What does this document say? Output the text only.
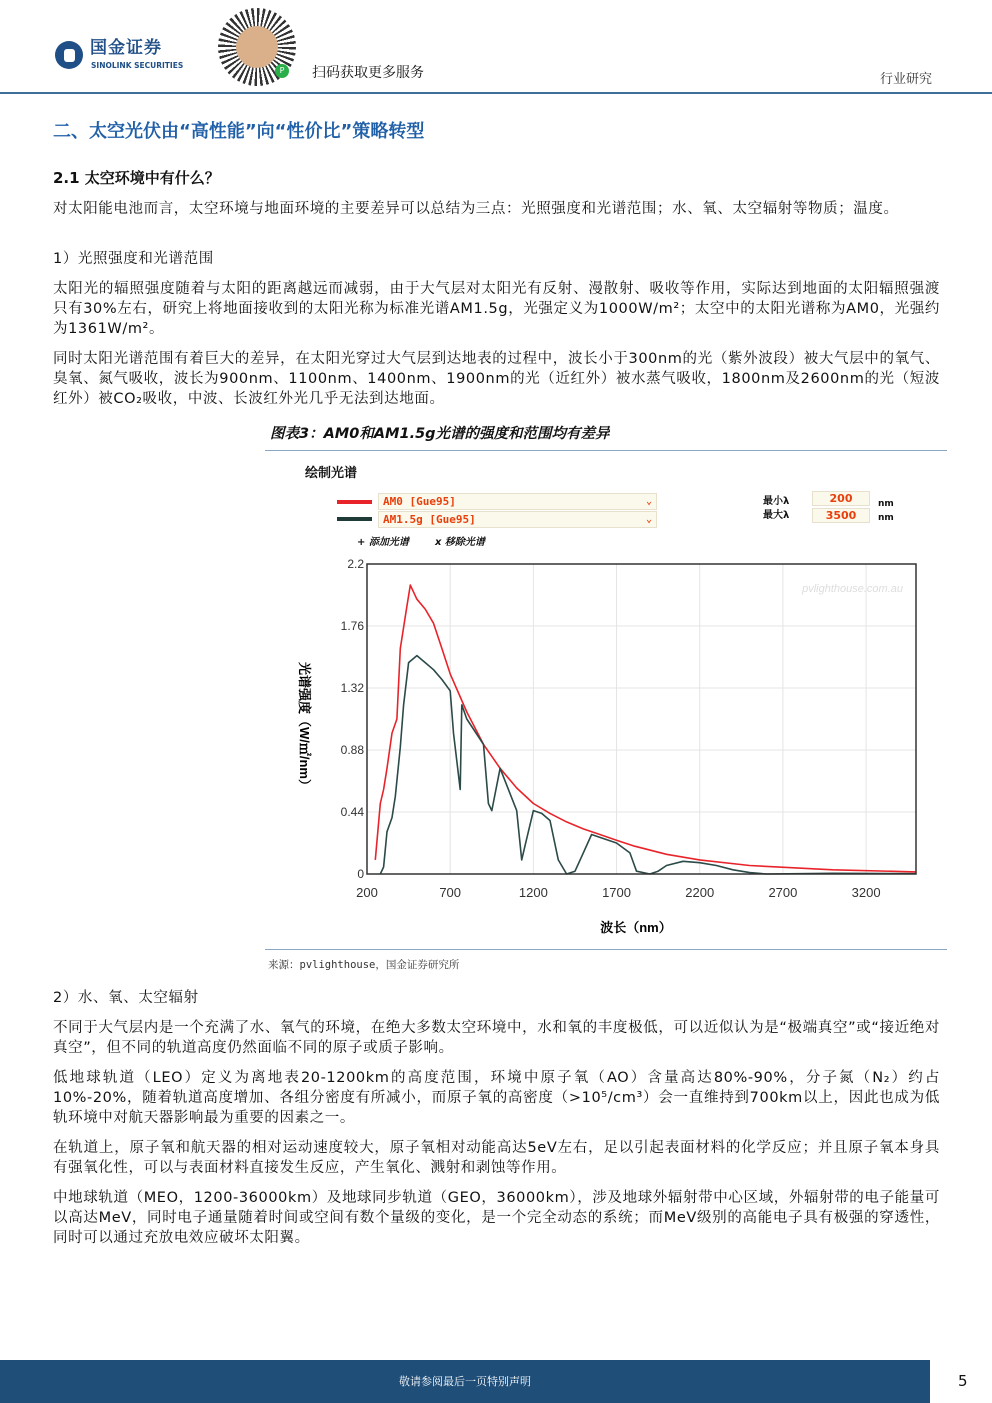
国金证券
SINOLINK SECURITIES
P	扫码获取更多服务	行业研究
二、太空光伏由“高性能”向“性价比”策略转型
2.1 太空环境中有什么？
对太阳能电池而言，太空环境与地面环境的主要差异可以总结为三点：光照强度和光谱范围；水、氧、太空辐射等物质；温度。
1）光照强度和光谱范围
太阳光的辐照强度随着与太阳的距离越远而减弱，由于大气层对太阳光有反射、漫散射、吸收等作用，实际达到地面的太阳辐照强渡只有30%左右，研究上将地面接收到的太阳光称为标准光谱AM1.5g，光强定义为1000W/m²；太空中的太阳光谱称为AM0，光强约为1361W/m²。
同时太阳光谱范围有着巨大的差异，在太阳光穿过大气层到达地表的过程中，波长小于300nm的光（紫外波段）被大气层中的氧气、臭氧、氮气吸收，波长为900nm、1100nm、1400nm、1900nm的光（近红外）被水蒸气吸收，1800nm及2600nm的光（短波红外）被CO₂吸收，中波、长波红外光几乎无法到达地面。
图表3：AM0和AM1.5g光谱的强度和范围均有差异
绘制光谱
AM0 [Gue95]	⌄
AM1.5g [Gue95]	⌄
最小λ
最大λ
200
3500
nm
nm
+ 添加光谱	x 移除光谱
pvlighthouse.com.au
200	700	1200	1700	2200	2700	3200
0
0.44
0.88
1.32
1.76
2.2
波长（nm）
光谱强度（W/㎡/nm）
来源：pvlighthouse，国金证券研究所
2）水、氧、太空辐射
不同于大气层内是一个充满了水、氧气的环境，在绝大多数太空环境中，水和氧的丰度极低，可以近似认为是“极端真空”或“接近绝对真空”，但不同的轨道高度仍然面临不同的原子或质子影响。
低地球轨道（LEO）定义为离地表20-1200km的高度范围，环境中原子氧（AO）含量高达80%-90%，分子氮（N₂）约占10%-20%，随着轨道高度增加、各组分密度有所减小，而原子氧的高密度（>10⁵/cm³）会一直维持到700km以上，因此也成为低轨环境中对航天器影响最为重要的因素之一。
在轨道上，原子氧和航天器的相对运动速度较大，原子氧相对动能高达5eV左右，足以引起表面材料的化学反应；并且原子氧本身具有强氧化性，可以与表面材料直接发生反应，产生氧化、溅射和剥蚀等作用。
中地球轨道（MEO，1200-36000km）及地球同步轨道（GEO，36000km），涉及地球外辐射带中心区域，外辐射带的电子能量可以高达MeV，同时电子通量随着时间或空间有数个量级的变化，是一个完全动态的系统；而MeV级别的高能电子具有极强的穿透性，同时可以通过充放电效应破坏太阳翼。
敬请参阅最后一页特别声明	5
